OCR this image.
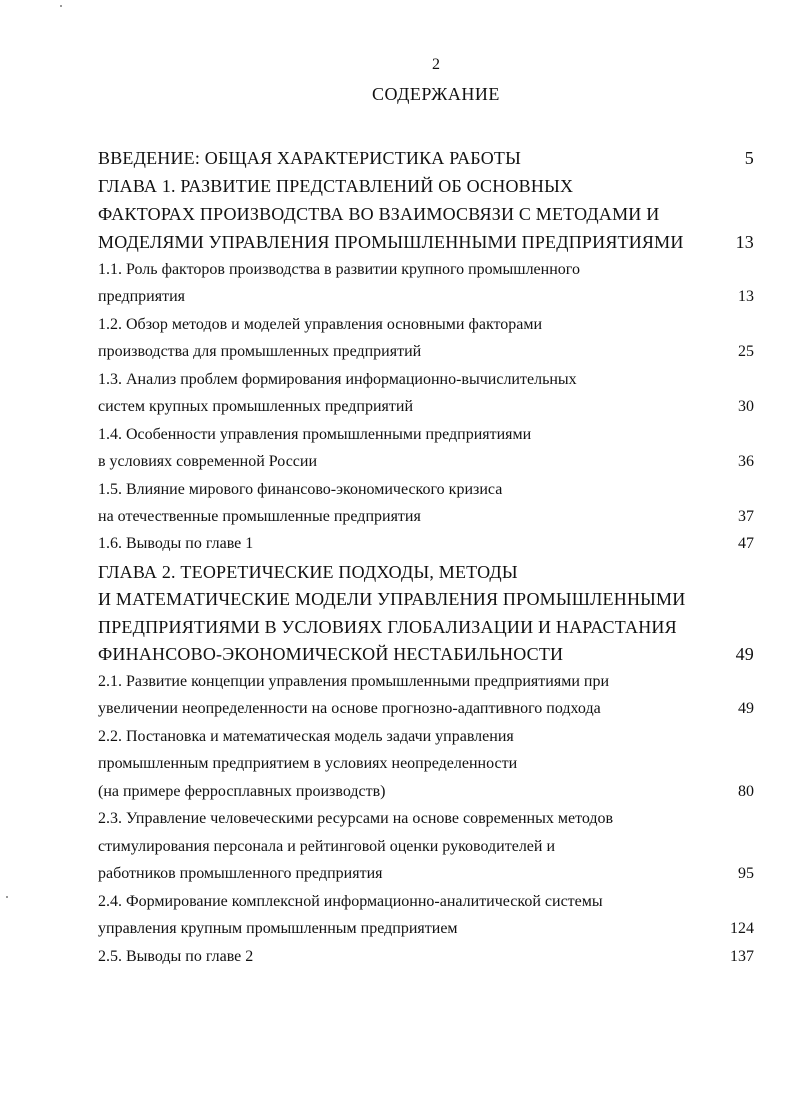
2
СОДЕРЖАНИЕ
ВВЕДЕНИЕ: ОБЩАЯ ХАРАКТЕРИСТИКА РАБОТЫ	5
ГЛАВА 1. РАЗВИТИЕ ПРЕДСТАВЛЕНИЙ ОБ ОСНОВНЫХ
ФАКТОРАХ ПРОИЗВОДСТВА ВО ВЗАИМОСВЯЗИ С МЕТОДАМИ И
МОДЕЛЯМИ УПРАВЛЕНИЯ ПРОМЫШЛЕННЫМИ ПРЕДПРИЯТИЯМИ	13
1.1. Роль факторов производства в развитии крупного промышленного
предприятия	13
1.2. Обзор методов и моделей управления основными факторами
производства для промышленных предприятий	25
1.3. Анализ проблем формирования информационно-вычислительных
систем крупных промышленных предприятий	30
1.4. Особенности управления промышленными предприятиями
в условиях современной России	36
1.5. Влияние мирового финансово-экономического кризиса
на отечественные промышленные предприятия	37
1.6. Выводы по главе 1	47
ГЛАВА 2. ТЕОРЕТИЧЕСКИЕ ПОДХОДЫ, МЕТОДЫ
И МАТЕМАТИЧЕСКИЕ МОДЕЛИ УПРАВЛЕНИЯ ПРОМЫШЛЕННЫМИ
ПРЕДПРИЯТИЯМИ В УСЛОВИЯХ ГЛОБАЛИЗАЦИИ И НАРАСТАНИЯ
ФИНАНСОВО-ЭКОНОМИЧЕСКОЙ НЕСТАБИЛЬНОСТИ	49
2.1. Развитие концепции управления промышленными предприятиями при
увеличении неопределенности на основе прогнозно-адаптивного подхода	49
2.2. Постановка и математическая модель задачи управления
промышленным предприятием в условиях неопределенности
(на примере ферросплавных производств)	80
2.3. Управление человеческими ресурсами на основе современных методов
стимулирования персонала и рейтинговой оценки руководителей и
работников промышленного предприятия	95
2.4. Формирование комплексной информационно-аналитической системы
управления крупным промышленным предприятием	124
2.5. Выводы по главе 2	137
